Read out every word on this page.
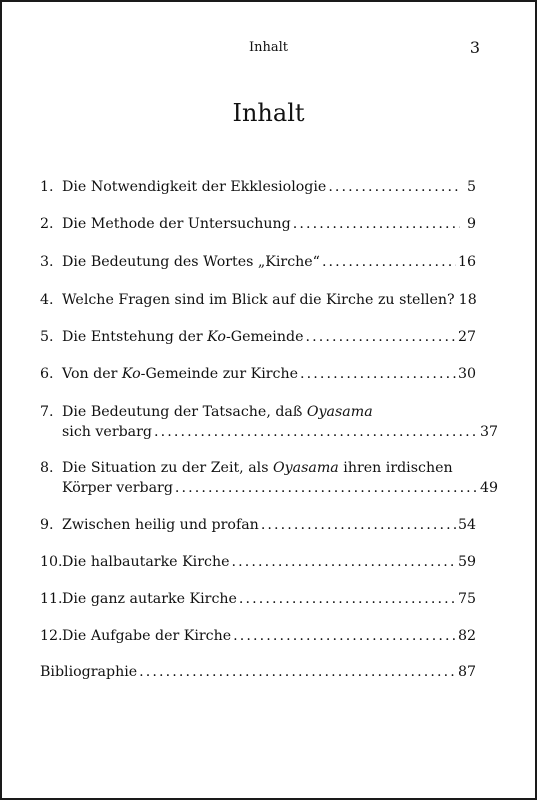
Inhalt	3
Inhalt
1. Die Notwendigkeit der Ekklesiologie . . .	5
2. Die Methode der Untersuchung . . .	9
3. Die Bedeutung des Wortes „Kirche“ . . .	16
4. Welche Fragen sind im Blick auf die Kirche zu stellen? 18
5. Die Entstehung der Ko-Gemeinde . . .	27
6. Von der Ko-Gemeinde zur Kirche . . .	30
7. Die Bedeutung der Tatsache, daß Oyasama
sich verbarg . . .	37
8. Die Situation zu der Zeit, als Oyasama ihren irdischen
Körper verbarg . . .	49
9. Zwischen heilig und profan . . .	54
10. Die halbautarke Kirche . . .	59
11. Die ganz autarke Kirche . . .	75
12. Die Aufgabe der Kirche . . .	82
Bibliographie . . .	87
